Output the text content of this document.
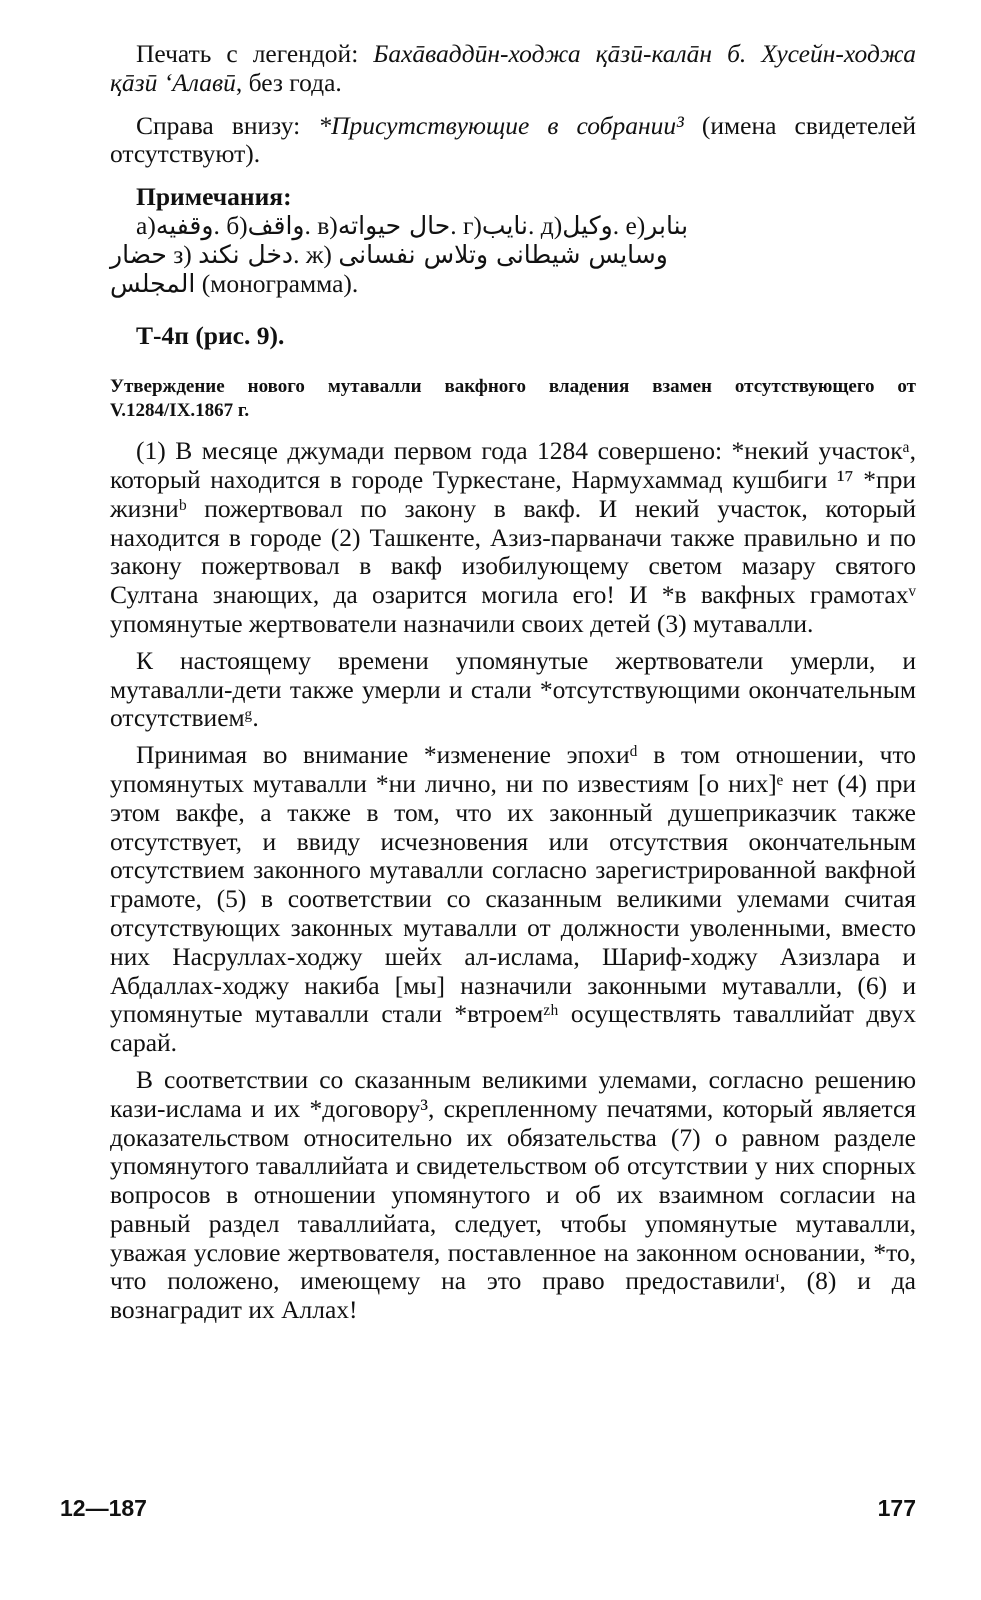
Печать с легендой: Бахāваддӣн-ходжа қāзӣ-калāн б. Хусейн-ходжа қāзӣ ‘Алавӣ, без года.

Справа внизу: *Присутствующие в собрании³ (имена свидетелей отсутствуют).

Примечания:

а)وقفیه. б)واقف. в)حال حیواته. г)نایب. д)وکیل. е)بنابر

حضار з) دخل نکند. ж) وسایس شیطانی وتلاس نفسانی

المجلس (монограмма).

Т-4п (рис. 9).

Утверждение нового мутавалли вакфного владения взамен отсутствующего от V.1284/IX.1867 г.

(1) В месяце джумади первом года 1284 совершено: *некий участокᵃ, который находится в городе Туркестане, Нармухаммад кушбиги ¹⁷ *при жизниᵇ пожертвовал по закону в вакф. И некий участок, который находится в городе (2) Ташкенте, Азиз-парваначи также правильно и по закону пожертвовал в вакф изобилующему светом мазару святого Султана знающих, да озарится могила его! И *в вакфных грамотахᵛ упомянутые жертвователи назначили своих детей (3) мутавалли.

К настоящему времени упомянутые жертвователи умерли, и мутавалли-дети также умерли и стали *отсутствующими окончательным отсутствиемᵍ.

Принимая во внимание *изменение эпохиᵈ в том отношении, что упомянутых мутавалли *ни лично, ни по известиям [о них]ᵉ нет (4) при этом вакфе, а также в том, что их законный душеприказчик также отсутствует, и ввиду исчезновения или отсутствия окончательным отсутствием законного мутавалли согласно зарегистрированной вакфной грамоте, (5) в соответствии со сказанным великими улемами считая отсутствующих законных мутавалли от должности уволенными, вместо них Насруллах-ходжу шейх ал-ислама, Шариф-ходжу Азизлара и Абдаллах-ходжу накиба [мы] назначили законными мутавалли, (6) и упомянутые мутавалли стали *втроемᶻʰ осуществлять таваллийат двух сарай.

В соответствии со сказанным великими улемами, согласно решению кази-ислама и их *договору³, скрепленному печатями, который является доказательством относительно их обязательства (7) о равном разделе упомянутого таваллийата и свидетельством об отсутствии у них спорных вопросов в отношении упомянутого и об их взаимном согласии на равный раздел таваллийата, следует, чтобы упомянутые мутавалли, уважая условие жертвователя, поставленное на законном основании, *то, что положено, имеющему на это право предоставилиᶦ, (8) и да вознаградит их Аллах!

12—187	177
